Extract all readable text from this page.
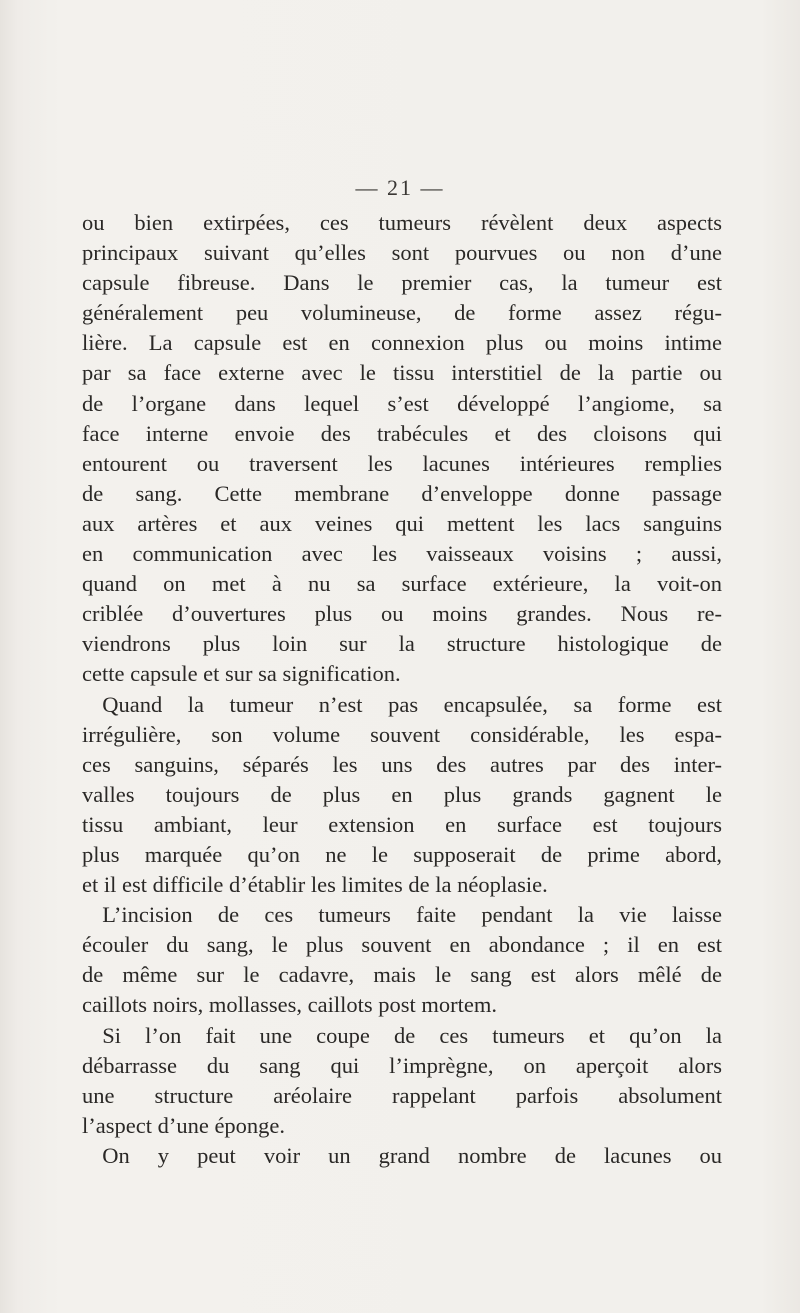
— 21 —

ou bien extirpées, ces tumeurs révèlent deux aspects
principaux suivant qu’elles sont pourvues ou non d’une
capsule fibreuse. Dans le premier cas, la tumeur est
généralement peu volumineuse, de forme assez régu-
lière. La capsule est en connexion plus ou moins intime
par sa face externe avec le tissu interstitiel de la partie ou
de l’organe dans lequel s’est développé l’angiome, sa
face interne envoie des trabécules et des cloisons qui
entourent ou traversent les lacunes intérieures remplies
de sang. Cette membrane d’enveloppe donne passage
aux artères et aux veines qui mettent les lacs sanguins
en communication avec les vaisseaux voisins ; aussi,
quand on met à nu sa surface extérieure, la voit-on
criblée d’ouvertures plus ou moins grandes. Nous re-
viendrons plus loin sur la structure histologique de
cette capsule et sur sa signification.

Quand la tumeur n’est pas encapsulée, sa forme est
irrégulière, son volume souvent considérable, les espa-
ces sanguins, séparés les uns des autres par des inter-
valles toujours de plus en plus grands gagnent le
tissu ambiant, leur extension en surface est toujours
plus marquée qu’on ne le supposerait de prime abord,
et il est difficile d’établir les limites de la néoplasie.

L’incision de ces tumeurs faite pendant la vie laisse
écouler du sang, le plus souvent en abondance ; il en est
de même sur le cadavre, mais le sang est alors mêlé de
caillots noirs, mollasses, caillots post mortem.

Si l’on fait une coupe de ces tumeurs et qu’on la
débarrasse du sang qui l’imprègne, on aperçoit alors
une structure aréolaire rappelant parfois absolument
l’aspect d’une éponge.

On y peut voir un grand nombre de lacunes ou
